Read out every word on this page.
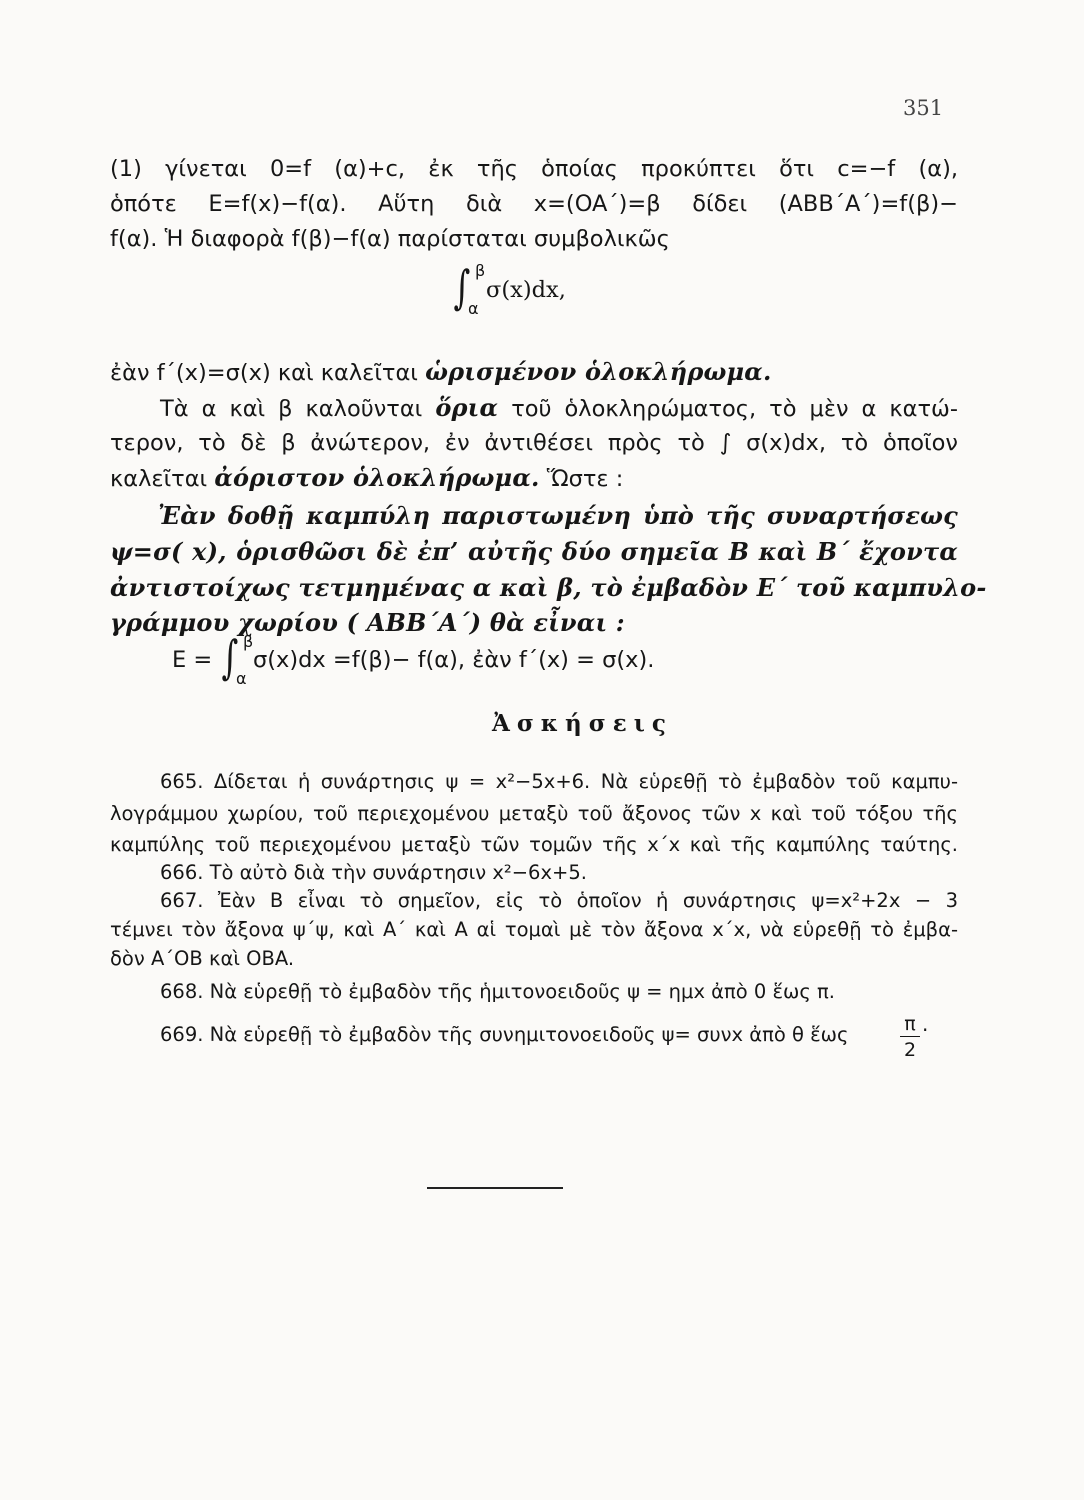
351
(1) γίνεται 0=f (α)+c, ἐκ τῆς ὁποίας προκύπτει ὅτι c=−f (α),
ὁπότε E=f(x)−f(α). Αὕτη διὰ x=(OA΄)=β δίδει (ABB΄A΄)=f(β)−
f(α). Ἡ διαφορὰ f(β)−f(α) παρίσταται συμβολικῶς
∫ β
α
σ(x)dx,
ἐὰν f΄(x)=σ(x) καὶ καλεῖται ὡρισμένον ὁλοκλήρωμα.
Τὰ α καὶ β καλοῦνται ὅρια τοῦ ὁλοκληρώματος, τὸ μὲν α κατώ-
τερον, τὸ δὲ β ἀνώτερον, ἐν ἀντιθέσει πρὸς τὸ ∫ σ(x)dx, τὸ ὁποῖον
καλεῖται ἀόριστον ὁλοκλήρωμα. Ὥστε :
Ἐὰν δοθῇ καμπύλη παριστωμένη ὑπὸ τῆς συναρτήσεως
ψ=σ( x), ὁρισθῶσι δὲ ἐπ’ αὐτῆς δύο σημεῖα B καὶ B΄ ἔχοντα
ἀντιστοίχως τετμημένας α καὶ β, τὸ ἐμβαδὸν E΄ τοῦ καμπυλο-
γράμμου χωρίου ( ABB΄A΄) θὰ εἶναι :
E = ∫ β
α
σ(x)dx =f(β)− f(α), ἐὰν f΄(x) = σ(x).
Ἀσκήσεις
665. Δίδεται ἡ συνάρτησις ψ = x²−5x+6. Νὰ εὑρεθῇ τὸ ἐμβαδὸν τοῦ καμπυ-
λογράμμου χωρίου, τοῦ περιεχομένου μεταξὺ τοῦ ἄξονος τῶν x καὶ τοῦ τόξου τῆς
καμπύλης τοῦ περιεχομένου μεταξὺ τῶν τομῶν τῆς x΄x καὶ τῆς καμπύλης ταύτης.
666. Τὸ αὐτὸ διὰ τὴν συνάρτησιν x²−6x+5.
667. Ἐὰν B εἶναι τὸ σημεῖον, εἰς τὸ ὁποῖον ἡ συνάρτησις ψ=x²+2x − 3
τέμνει τὸν ἄξονα ψ΄ψ, καὶ A΄ καὶ A αἱ τομαὶ μὲ τὸν ἄξονα x΄x, νὰ εὑρεθῇ τὸ ἐμβα-
δὸν A΄OB καὶ OBA.
668. Νὰ εὑρεθῇ τὸ ἐμβαδὸν τῆς ἡμιτονοειδοῦς ψ = ημx ἀπὸ 0 ἕως π.
669. Νὰ εὑρεθῇ τὸ ἐμβαδὸν τῆς συνημιτονοειδοῦς ψ= συνx ἀπὸ θ ἕως	π
2
·
